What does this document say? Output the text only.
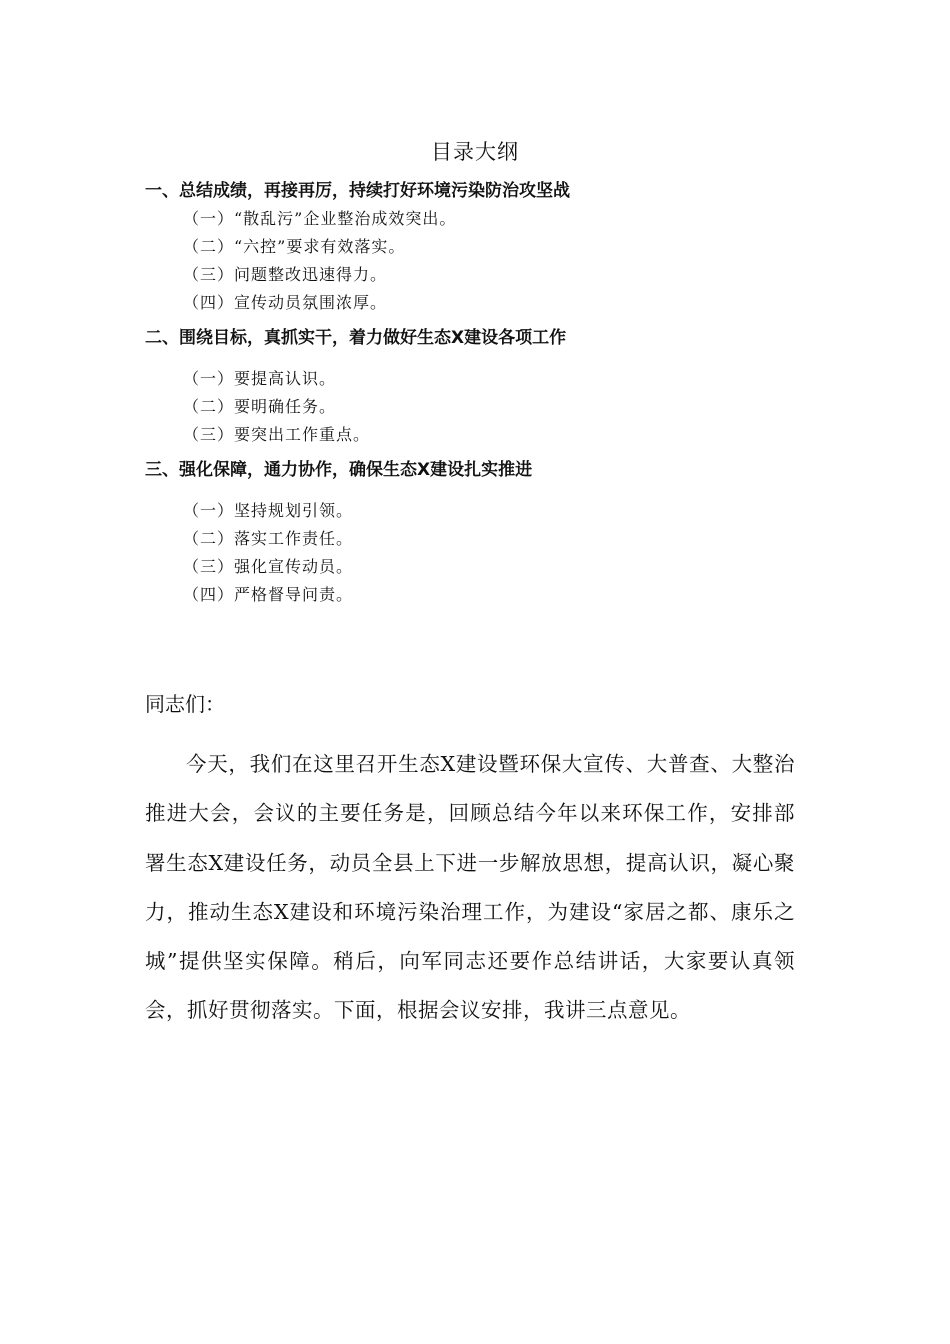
目录大纲
一、总结成绩，再接再厉，持续打好环境污染防治攻坚战
（一）“散乱污”企业整治成效突出。
（二）“六控”要求有效落实。
（三）问题整改迅速得力。
（四）宣传动员氛围浓厚。
二、围绕目标，真抓实干，着力做好生态X建设各项工作
（一）要提高认识。
（二）要明确任务。
（三）要突出工作重点。
三、强化保障，通力协作，确保生态X建设扎实推进
（一）坚持规划引领。
（二）落实工作责任。
（三）强化宣传动员。
（四）严格督导问责。
同志们：

今天，我们在这里召开生态X建设暨环保大宣传、大普查、大整治推进大会，会议的主要任务是，回顾总结今年以来环保工作，安排部署生态X建设任务，动员全县上下进一步解放思想，提高认识，凝心聚力，推动生态X建设和环境污染治理工作，为建设“家居之都、康乐之城”提供坚实保障。稍后，向军同志还要作总结讲话，大家要认真领会，抓好贯彻落实。下面，根据会议安排，我讲三点意见。
